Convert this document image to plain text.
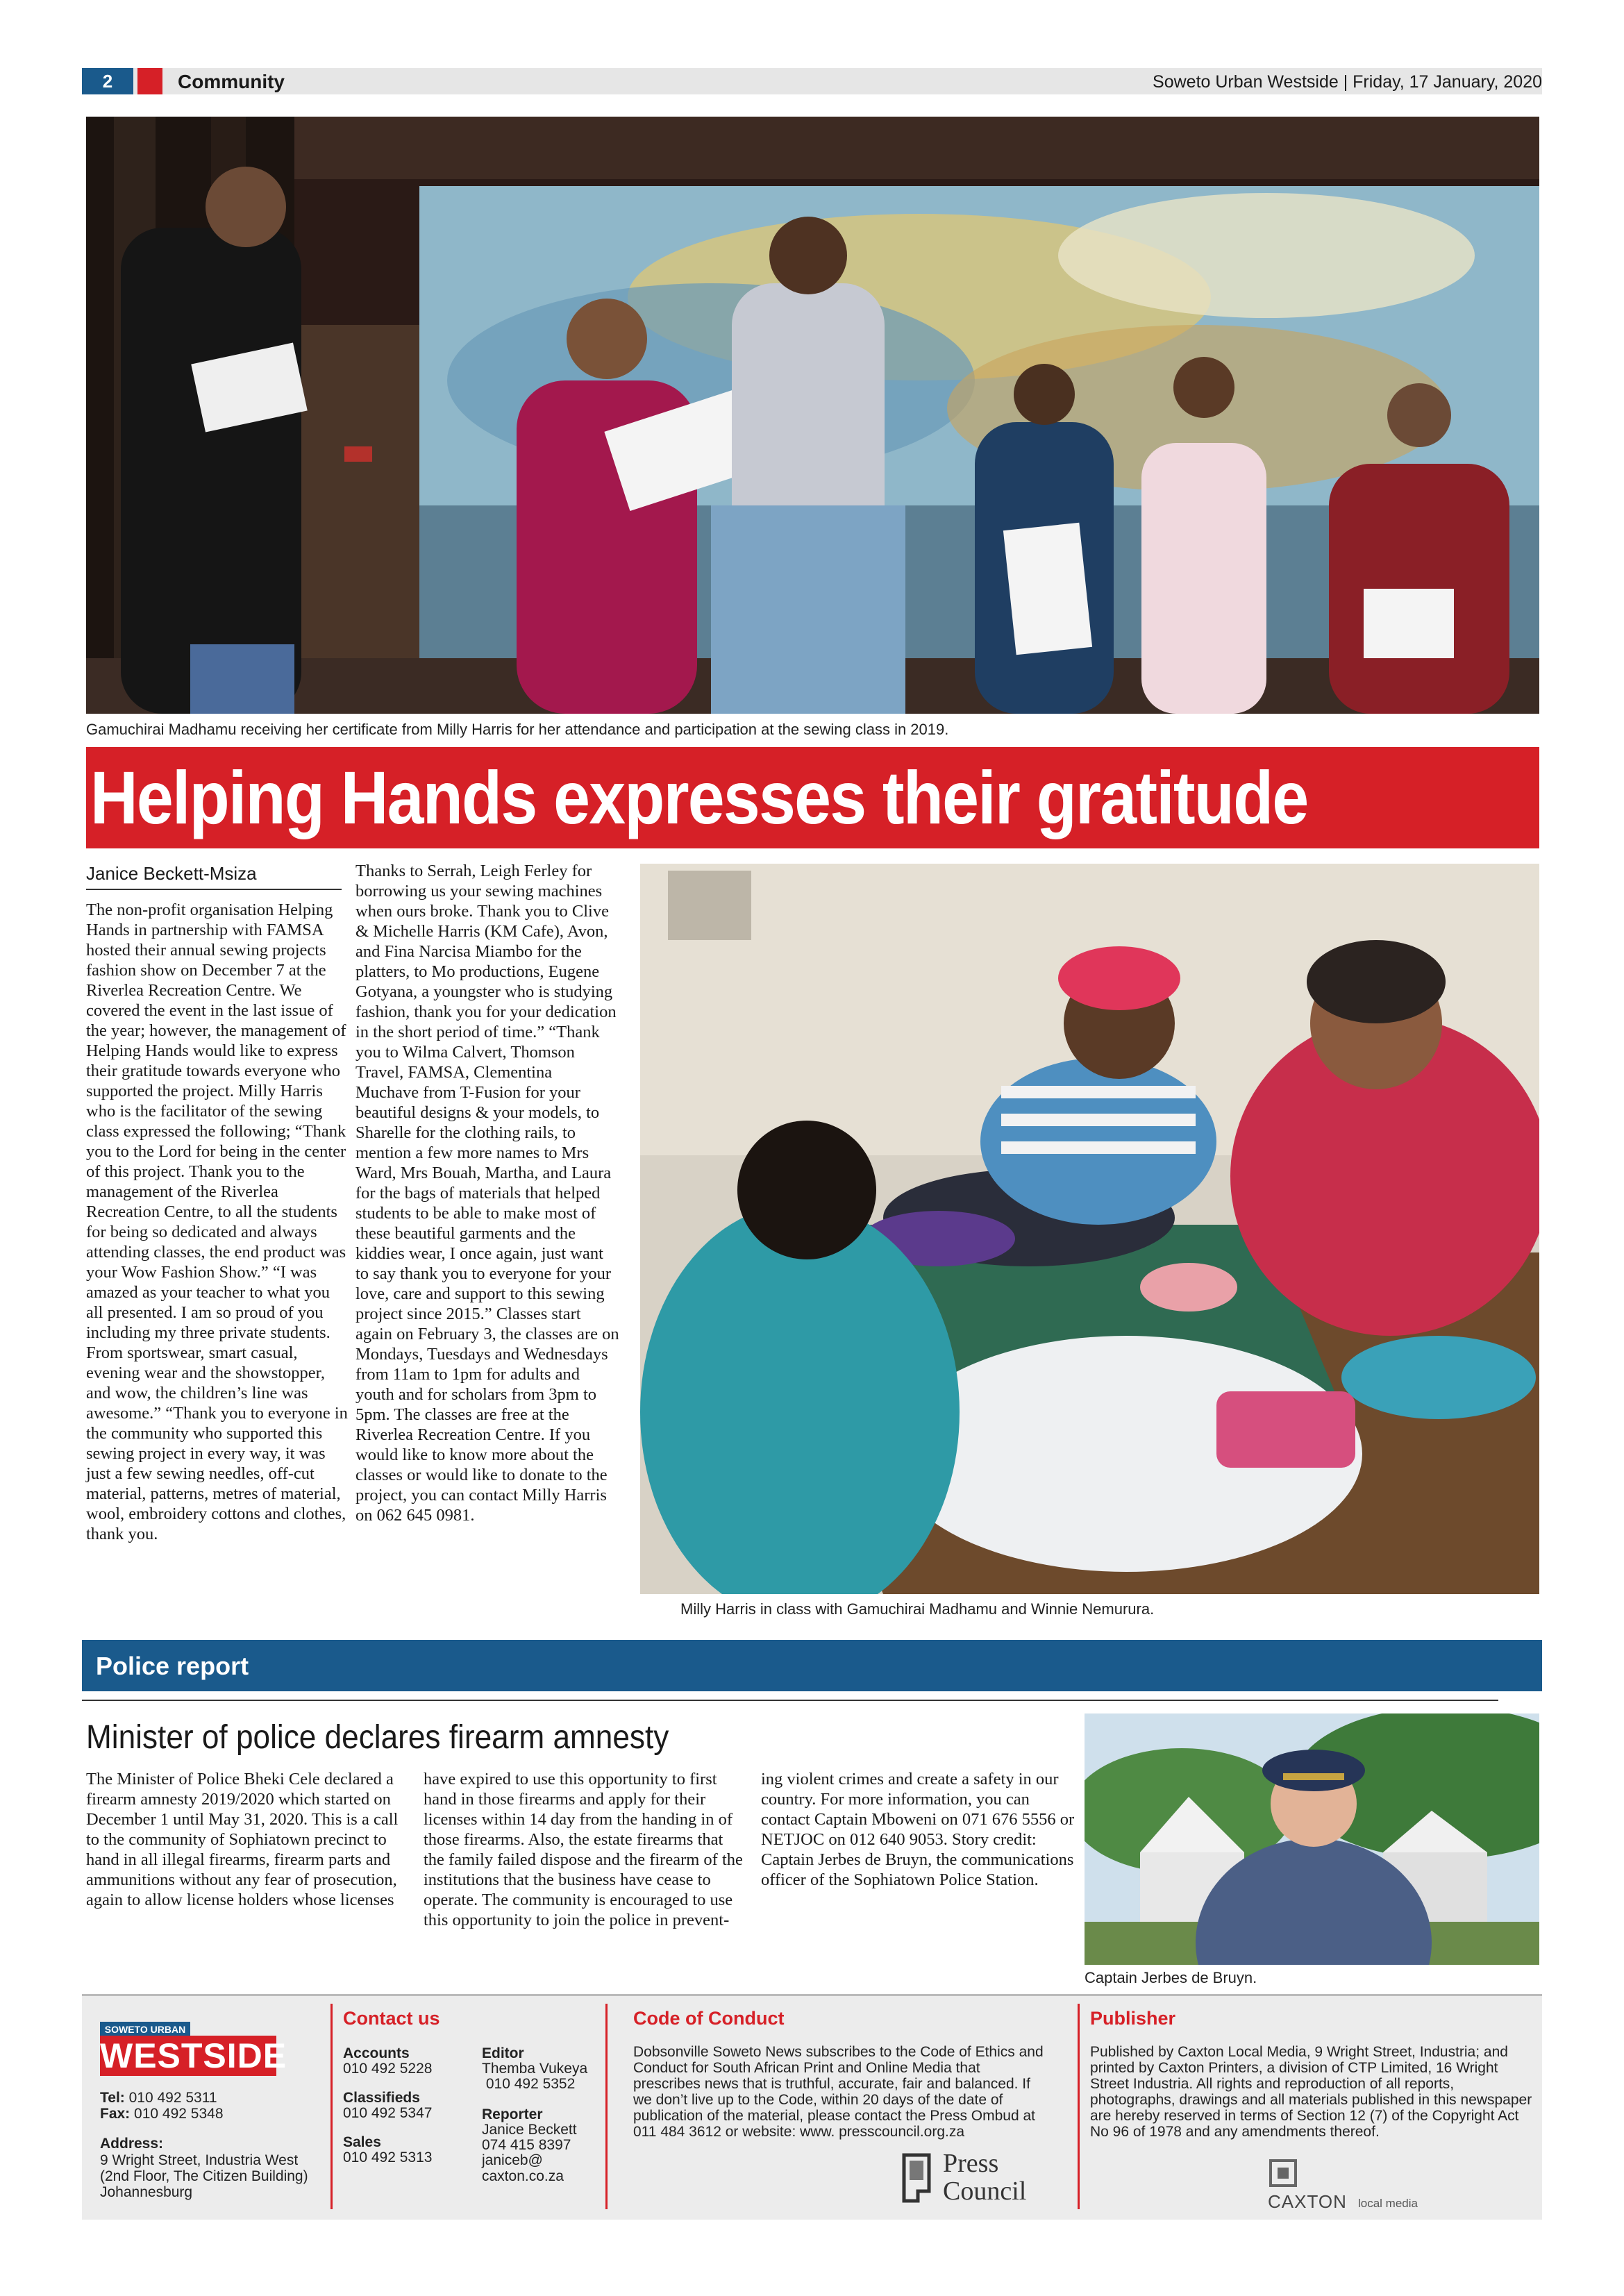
2	Community	Soweto Urban Westside | Friday, 17 January, 2020
Gamuchirai Madhamu receiving her certificate from Milly Harris for her attendance and participation at the sewing class in 2019.
Helping Hands expresses their gratitude
Janice Beckett-Msiza
The non-profit organisation Helping Hands in partnership with FAMSA hosted their annual sewing projects fashion show on December 7 at the Riverlea Recreation Centre. We covered the event in the last issue of the year; however, the management of Helping Hands would like to express their gratitude towards everyone who supported the project. Milly Harris who is the facilitator of the sewing class expressed the following; “Thank you to the Lord for being in the center of this project. Thank you to the management of the Riverlea Recreation Centre, to all the students for being so dedicated and always attending classes, the end product was your Wow Fashion Show.” “I was amazed as your teacher to what you all presented. I am so proud of you including my three private students. From sportswear, smart casual, evening wear and the showstopper, and wow, the children’s line was awesome.” “Thank you to everyone in the community who supported this sewing project in every way, it was just a few sewing needles, off-cut material, patterns, metres of material, wool, embroidery cottons and clothes, thank you.
Thanks to Serrah, Leigh Ferley for borrowing us your sewing machines when ours broke. Thank you to Clive & Michelle Harris (KM Cafe), Avon, and Fina Narcisa Miambo for the platters, to Mo productions, Eugene Gotyana, a youngster who is studying fashion, thank you for your dedication in the short period of time.” “Thank you to Wilma Calvert, Thomson Travel, FAMSA, Clementina Muchave from T-Fusion for your beautiful designs & your models, to Sharelle for the clothing rails, to mention a few more names to Mrs Ward, Mrs Bouah, Martha, and Laura for the bags of materials that helped students to be able to make most of these beautiful garments and the kiddies wear, I once again, just want to say thank you to everyone for your love, care and support to this sewing project since 2015.” Classes start again on February 3, the classes are on Mondays, Tuesdays and Wednesdays from 11am to 1pm for adults and youth and for scholars from 3pm to 5pm. The classes are free at the Riverlea Recreation Centre. If you would like to know more about the classes or would like to donate to the project, you can contact Milly Harris on 062 645 0981.
Milly Harris in class with Gamuchirai Madhamu and Winnie Nemurura.
Police report
Minister of police declares firearm amnesty
The Minister of Police Bheki Cele declared a firearm amnesty 2019/2020 which started on December 1 until May 31, 2020. This is a call to the community of Sophiatown precinct to hand in all illegal firearms, firearm parts and ammunitions without any fear of prosecution, again to allow license holders whose licenses
have expired to use this opportunity to first hand in those firearms and apply for their licenses within 14 day from the handing in of those firearms. Also, the estate firearms that the family failed dispose and the firearm of the institutions that the business have cease to operate. The community is encouraged to use this opportunity to join the police in prevent-
ing violent crimes and create a safety in our country. For more information, you can contact Captain Mboweni on 071 676 5556 or NETJOC on 012 640 9053. Story credit: Captain Jerbes de Bruyn, the communications officer of the Sophiatown Police Station.
Captain Jerbes de Bruyn.
SOWETO URBAN
WESTSIDE
Tel: 010 492 5311
Fax: 010 492 5348
Address:
9 Wright Street, Industria West (2nd Floor, The Citizen Building) Johannesburg
Contact us
Accounts
010 492 5228
Classifieds
010 492 5347
Sales
010 492 5313
Editor
Themba Vukeya
010 492 5352
Reporter
Janice Beckett
074 415 8397
janiceb@ caxton.co.za
Code of Conduct
Dobsonville Soweto News subscribes to the Code of Ethics and Conduct for South African Print and Online Media that prescribes news that is truthful, accurate, fair and balanced. If we don’t live up to the Code, within 20 days of the date of publication of the material, please contact the Press Ombud at 011 484 3612 or website: www. presscouncil.org.za
Press
Council
Publisher
Published by Caxton Local Media, 9 Wright Street, Industria; and printed by Caxton Printers, a division of CTP Limited, 16 Wright Street Industria. All rights and reproduction of all reports, photographs, drawings and all materials published in this newspaper are hereby reserved in terms of Section 12 (7) of the Copyright Act No 96 of 1978 and any amendments thereof.
CAXTON local media
